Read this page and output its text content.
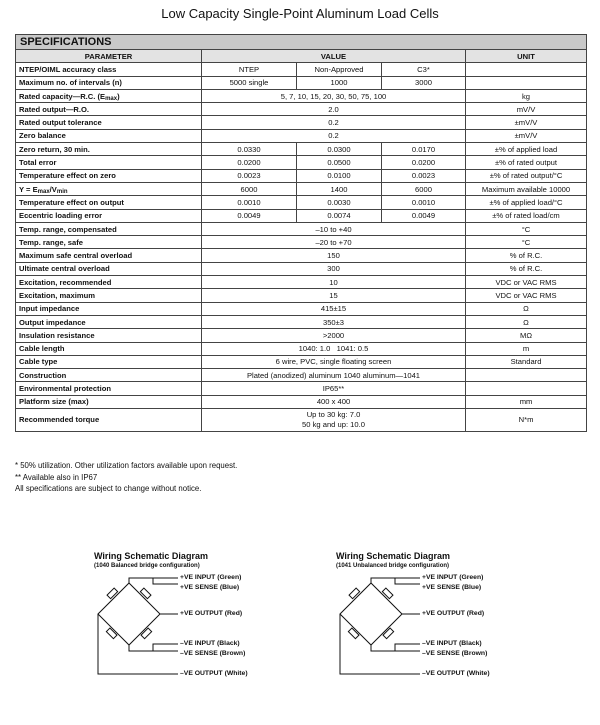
Low Capacity Single-Point Aluminum Load Cells
SPECIFICATIONS				
PARAMETER	VALUE			UNIT
NTEP/OIML accuracy class	NTEP	Non-Approved	C3*	
Maximum no. of intervals (n)	5000 single	1000	3000	
Rated capacity—R.C. $(E_{max})$	5, 7, 10, 15, 20, 30, 50, 75, 100			kg
Rated output—R.O.	2.0			mV/V
Rated output tolerance	0.2			±mV/V
Zero balance	0.2			±mV/V
Zero return, 30 min.	0.0330	0.0300	0.0170	±% of applied load
Total error	0.0200	0.0500	0.0200	±% of rated output
Temperature effect on zero	0.0023	0.0100	0.0023	±% of rated output/°C
$Y = E_{max}/V_{min}$	6000	1400	6000	Maximum available 10000
Temperature effect on output	0.0010	0.0030	0.0010	±% of applied load/°C
Eccentric loading error	0.0049	0.0074	0.0049	±% of rated load/cm
Temp. range, compensated	–10 to +40			°C
Temp. range, safe	–20 to +70			°C
Maximum safe central overload	150			% of R.C.
Ultimate central overload	300			% of R.C.
Excitation, recommended	10			VDC or VAC RMS
Excitation, maximum	15			VDC or VAC RMS
Input impedance	415±15			Ω
Output impedance	350±3			Ω
Insulation resistance	>2000			MΩ
Cable length	1040: 1.0   1041: 0.5			m
Cable type	6 wire, PVC, single floating screen			Standard
Construction	Plated (anodized) aluminum 1040 aluminum—1041			
Environmental protection	IP65**			
Platform size (max)	400 x 400			mm
Recommended torque	Up to 30 kg: 7.0
50 kg and up: 10.0			N*m
* 50% utilization. Other utilization factors available upon request.
** Available also in IP67
All specifications are subject to change without notice.
Wiring Schematic Diagram
(1040 Balanced bridge configuration)
+VE INPUT (Green)
+VE SENSE (Blue)
+VE OUTPUT (Red)
–VE INPUT (Black)
–VE SENSE (Brown)
–VE OUTPUT (White)
Wiring Schematic Diagram
(1041 Unbalanced bridge configuration)
+VE INPUT (Green)
+VE SENSE (Blue)
+VE OUTPUT (Red)
–VE INPUT (Black)
–VE SENSE (Brown)
–VE OUTPUT (White)
